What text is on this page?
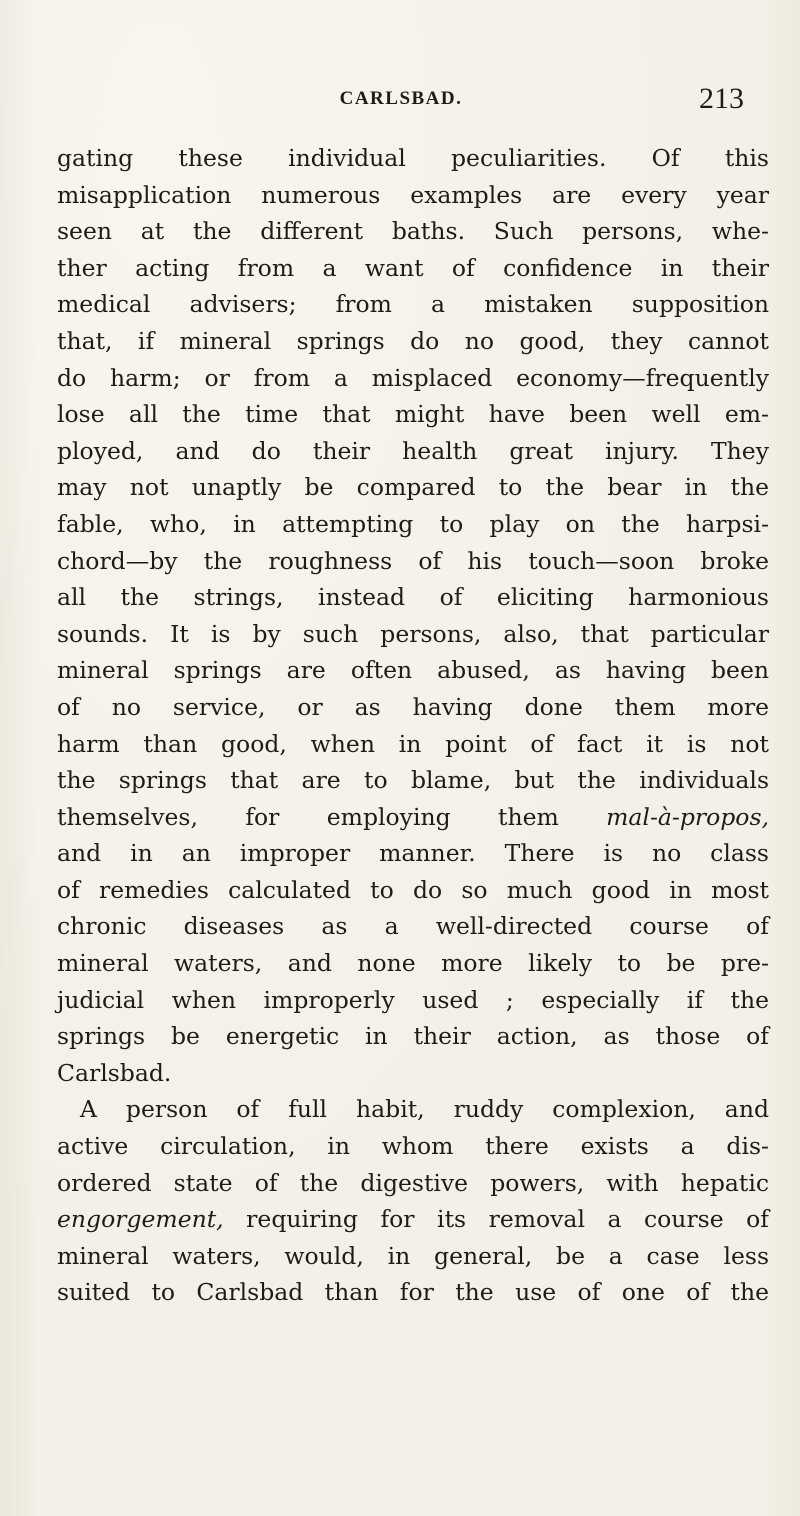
CARLSBAD.	213
gating these individual peculiarities. Of this
misapplication numerous examples are every year
seen at the different baths. Such persons, whe-
ther acting from a want of confidence in their
medical advisers; from a mistaken supposition
that, if mineral springs do no good, they cannot
do harm; or from a misplaced economy—frequently
lose all the time that might have been well em-
ployed, and do their health great injury. They
may not unaptly be compared to the bear in the
fable, who, in attempting to play on the harpsi-
chord—by the roughness of his touch—soon broke
all the strings, instead of eliciting harmonious
sounds. It is by such persons, also, that particular
mineral springs are often abused, as having been
of no service, or as having done them more
harm than good, when in point of fact it is not
the springs that are to blame, but the individuals
themselves, for employing them mal-à-propos,
and in an improper manner. There is no class
of remedies calculated to do so much good in most
chronic diseases as a well-directed course of
mineral waters, and none more likely to be pre-
judicial when improperly used ; especially if the
springs be energetic in their action, as those of
Carlsbad.
A person of full habit, ruddy complexion, and
active circulation, in whom there exists a dis-
ordered state of the digestive powers, with hepatic
engorgement, requiring for its removal a course of
mineral waters, would, in general, be a case less
suited to Carlsbad than for the use of one of the
